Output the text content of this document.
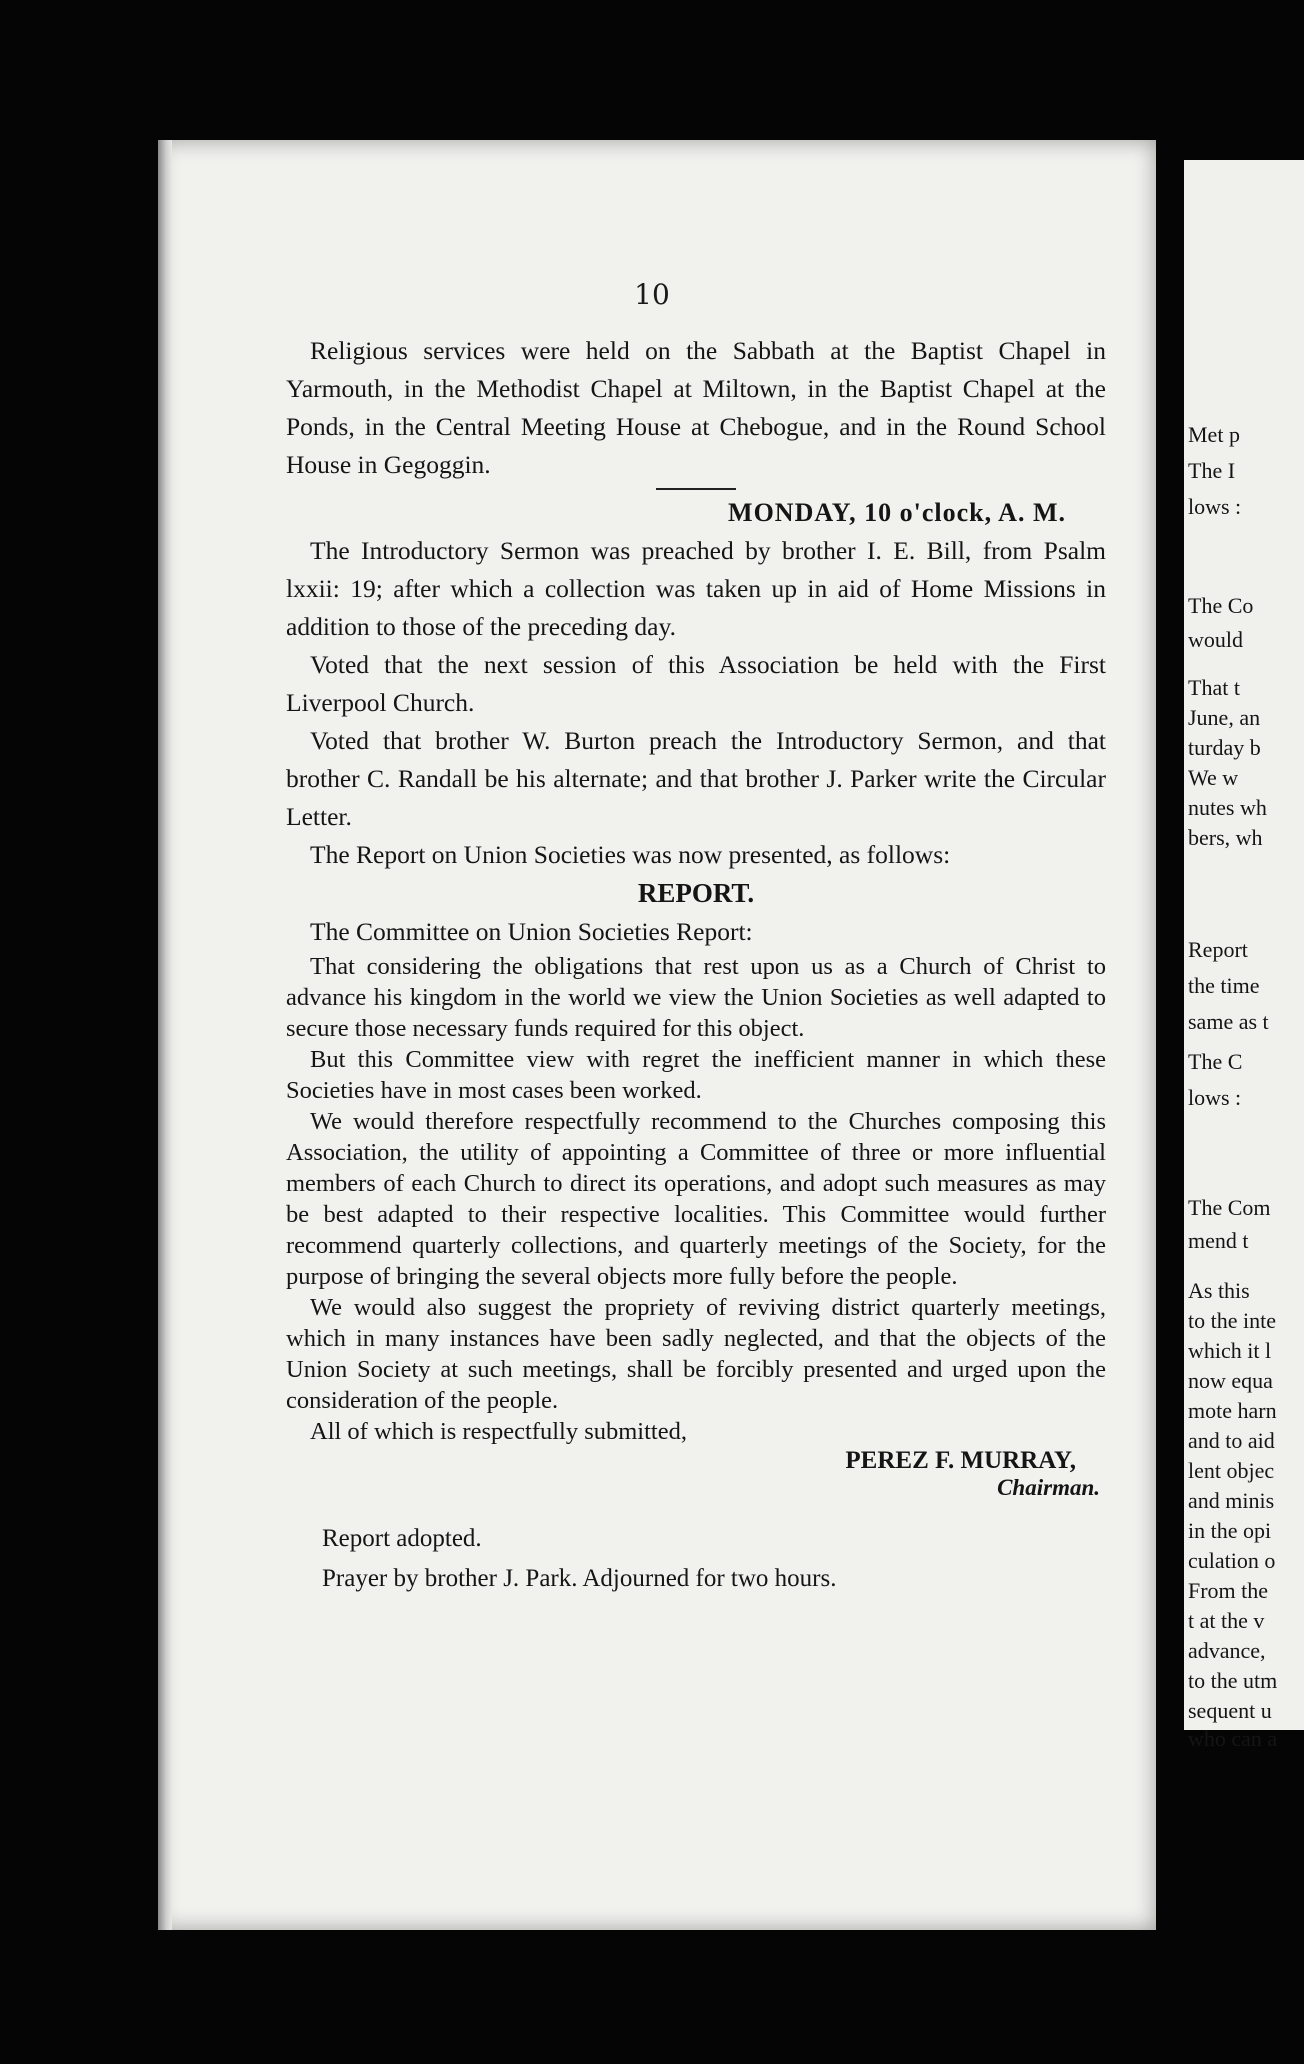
Met p
The I
lows :
The Co
would
That t
June, an
turday b
We w
nutes wh
bers, wh
Report
the time
same as t
The C
lows :
The Com
mend t
As this
to the inte
which it l
now equa
mote harn
and to aid
lent objec
and minis
in the opi
culation o
From the
t at the v
advance,
to the utm
sequent u
who can a
10

Religious services were held on the Sabbath at the Baptist Chapel in Yarmouth, in the Methodist Chapel at Miltown, in the Baptist Chapel at the Ponds, in the Central Meeting House at Chebogue, and in the Round School House in Gegoggin.

MONDAY, 10 o'clock, A. M.

The Introductory Sermon was preached by brother I. E. Bill, from Psalm lxxii: 19; after which a collection was taken up in aid of Home Missions in addition to those of the preceding day.

Voted that the next session of this Association be held with the First Liverpool Church.

Voted that brother W. Burton preach the Introductory Sermon, and that brother C. Randall be his alternate; and that brother J. Parker write the Circular Letter.

The Report on Union Societies was now presented, as follows:

REPORT.

The Committee on Union Societies Report:

That considering the obligations that rest upon us as a Church of Christ to advance his kingdom in the world we view the Union Societies as well adapted to secure those necessary funds required for this object.

But this Committee view with regret the inefficient manner in which these Societies have in most cases been worked.

We would therefore respectfully recommend to the Churches composing this Association, the utility of appointing a Committee of three or more influential members of each Church to direct its operations, and adopt such measures as may be best adapted to their respective localities. This Committee would further recommend quarterly collections, and quarterly meetings of the Society, for the purpose of bringing the several objects more fully before the people.

We would also suggest the propriety of reviving district quarterly meetings, which in many instances have been sadly neglected, and that the objects of the Union Society at such meetings, shall be forcibly presented and urged upon the consideration of the people.

All of which is respectfully submitted,

PEREZ F. MURRAY,

Chairman.

Report adopted.

Prayer by brother J. Park. Adjourned for two hours.
